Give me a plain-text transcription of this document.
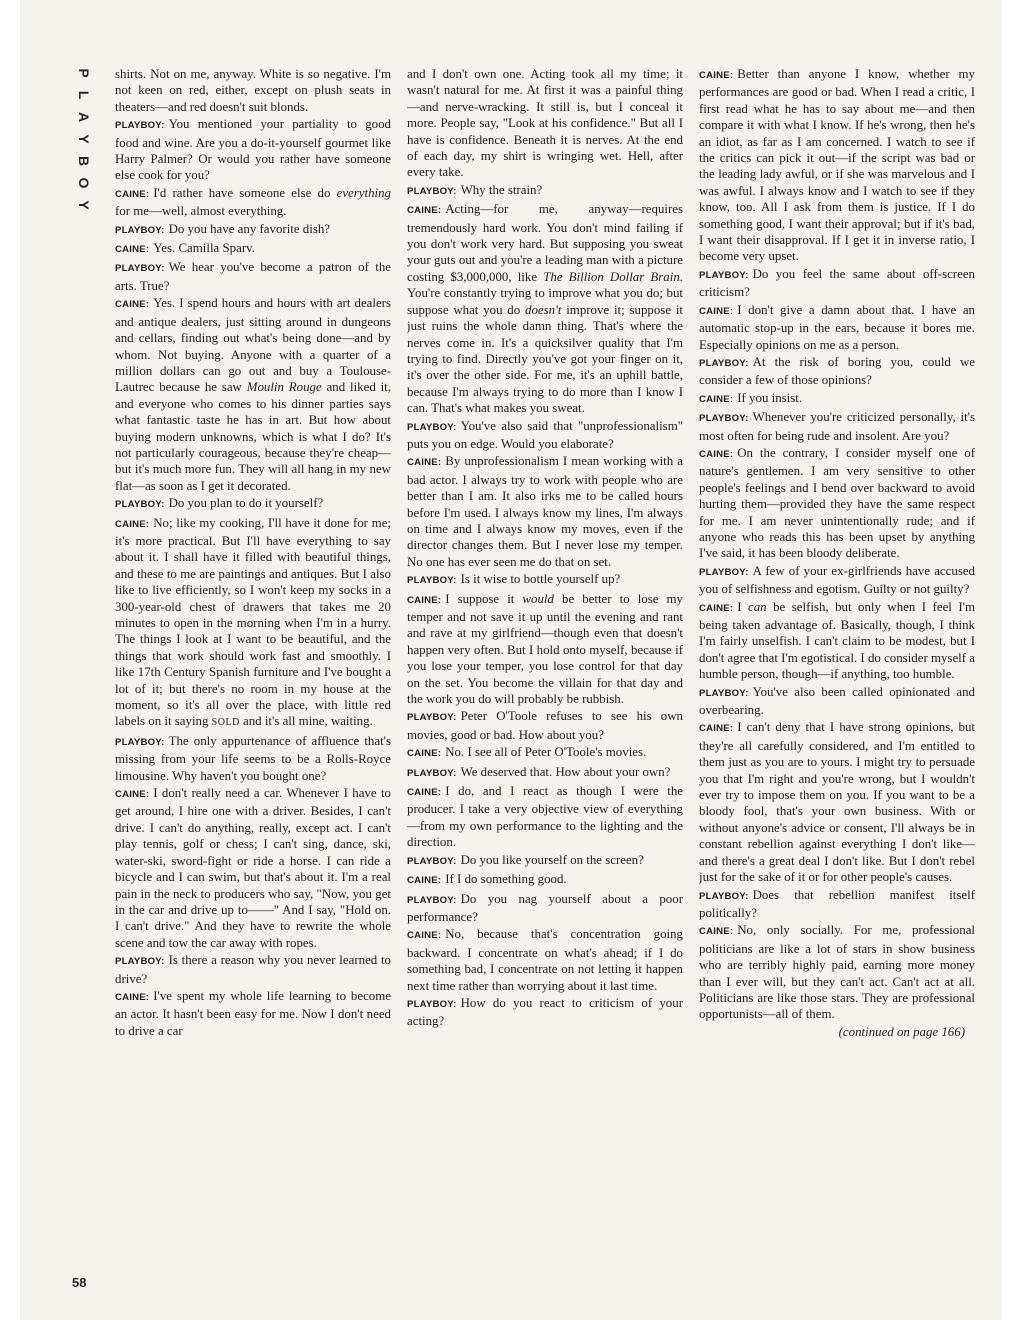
P
L
A
Y
B
O
Y

shirts. Not on me, anyway. White is so negative. I'm not keen on red, either, except on plush seats in theaters—and red doesn't suit blonds.

PLAYBOY: You mentioned your partiality to good food and wine. Are you a do-it-yourself gourmet like Harry Palmer? Or would you rather have someone else cook for you?

CAINE: I'd rather have someone else do everything for me—well, almost everything.

PLAYBOY: Do you have any favorite dish?

CAINE: Yes. Camilla Sparv.

PLAYBOY: We hear you've become a patron of the arts. True?

CAINE: Yes. I spend hours and hours with art dealers and antique dealers, just sitting around in dungeons and cellars, finding out what's being done—and by whom. Not buying. Anyone with a quarter of a million dollars can go out and buy a Toulouse-Lautrec because he saw Moulin Rouge and liked it, and everyone who comes to his dinner parties says what fantastic taste he has in art. But how about buying modern unknowns, which is what I do? It's not particularly courageous, because they're cheap—but it's much more fun. They will all hang in my new flat—as soon as I get it decorated.

PLAYBOY: Do you plan to do it yourself?

CAINE: No; like my cooking, I'll have it done for me; it's more practical. But I'll have everything to say about it. I shall have it filled with beautiful things, and these to me are paintings and antiques. But I also like to live efficiently, so I won't keep my socks in a 300-year-old chest of drawers that takes me 20 minutes to open in the morning when I'm in a hurry. The things I look at I want to be beautiful, and the things that work should work fast and smoothly. I like 17th Century Spanish furniture and I've bought a lot of it; but there's no room in my house at the moment, so it's all over the place, with little red labels on it saying SOLD and it's all mine, waiting.

PLAYBOY: The only appurtenance of affluence that's missing from your life seems to be a Rolls-Royce limousine. Why haven't you bought one?

CAINE: I don't really need a car. Whenever I have to get around, I hire one with a driver. Besides, I can't drive. I can't do anything, really, except act. I can't play tennis, golf or chess; I can't sing, dance, ski, water-ski, sword-fight or ride a horse. I can ride a bicycle and I can swim, but that's about it. I'm a real pain in the neck to producers who say, "Now, you get in the car and drive up to——" And I say, "Hold on. I can't drive." And they have to rewrite the whole scene and tow the car away with ropes.

PLAYBOY: Is there a reason why you never learned to drive?

CAINE: I've spent my whole life learning to become an actor. It hasn't been easy for me. Now I don't need to drive a car

and I don't own one. Acting took all my time; it wasn't natural for me. At first it was a painful thing—and nerve-wracking. It still is, but I conceal it more. People say, "Look at his confidence." But all I have is confidence. Beneath it is nerves. At the end of each day, my shirt is wringing wet. Hell, after every take.

PLAYBOY: Why the strain?

CAINE: Acting—for me, anyway—requires tremendously hard work. You don't mind failing if you don't work very hard. But supposing you sweat your guts out and you're a leading man with a picture costing $3,000,000, like The Billion Dollar Brain. You're constantly trying to improve what you do; but suppose what you do doesn't improve it; suppose it just ruins the whole damn thing. That's where the nerves come in. It's a quicksilver quality that I'm trying to find. Directly you've got your finger on it, it's over the other side. For me, it's an uphill battle, because I'm always trying to do more than I know I can. That's what makes you sweat.

PLAYBOY: You've also said that "unprofessionalism" puts you on edge. Would you elaborate?

CAINE: By unprofessionalism I mean working with a bad actor. I always try to work with people who are better than I am. It also irks me to be called hours before I'm used. I always know my lines, I'm always on time and I always know my moves, even if the director changes them. But I never lose my temper. No one has ever seen me do that on set.

PLAYBOY: Is it wise to bottle yourself up?

CAINE: I suppose it would be better to lose my temper and not save it up until the evening and rant and rave at my girlfriend—though even that doesn't happen very often. But I hold onto myself, because if you lose your temper, you lose control for that day on the set. You become the villain for that day and the work you do will probably be rubbish.

PLAYBOY: Peter O'Toole refuses to see his own movies, good or bad. How about you?

CAINE: No. I see all of Peter O'Toole's movies.

PLAYBOY: We deserved that. How about your own?

CAINE: I do, and I react as though I were the producer. I take a very objective view of everything—from my own performance to the lighting and the direction.

PLAYBOY: Do you like yourself on the screen?

CAINE: If I do something good.

PLAYBOY: Do you nag yourself about a poor performance?

CAINE: No, because that's concentration going backward. I concentrate on what's ahead; if I do something bad, I concentrate on not letting it happen next time rather than worrying about it last time.

PLAYBOY: How do you react to criticism of your acting?

CAINE: Better than anyone I know, whether my performances are good or bad. When I read a critic, I first read what he has to say about me—and then compare it with what I know. If he's wrong, then he's an idiot, as far as I am concerned. I watch to see if the critics can pick it out—if the script was bad or the leading lady awful, or if she was marvelous and I was awful. I always know and I watch to see if they know, too. All I ask from them is justice. If I do something good, I want their approval; but if it's bad, I want their disapproval. If I get it in inverse ratio, I become very upset.

PLAYBOY: Do you feel the same about off-screen criticism?

CAINE: I don't give a damn about that. I have an automatic stop-up in the ears, because it bores me. Especially opinions on me as a person.

PLAYBOY: At the risk of boring you, could we consider a few of those opinions?

CAINE: If you insist.

PLAYBOY: Whenever you're criticized personally, it's most often for being rude and insolent. Are you?

CAINE: On the contrary, I consider myself one of nature's gentlemen. I am very sensitive to other people's feelings and I bend over backward to avoid hurting them—provided they have the same respect for me. I am never unintentionally rude; and if anyone who reads this has been upset by anything I've said, it has been bloody deliberate.

PLAYBOY: A few of your ex-girlfriends have accused you of selfishness and egotism. Guilty or not guilty?

CAINE: I can be selfish, but only when I feel I'm being taken advantage of. Basically, though, I think I'm fairly unselfish. I can't claim to be modest, but I don't agree that I'm egotistical. I do consider myself a humble person, though—if anything, too humble.

PLAYBOY: You've also been called opinionated and overbearing.

CAINE: I can't deny that I have strong opinions, but they're all carefully considered, and I'm entitled to them just as you are to yours. I might try to persuade you that I'm right and you're wrong, but I wouldn't ever try to impose them on you. If you want to be a bloody fool, that's your own business. With or without anyone's advice or consent, I'll always be in constant rebellion against everything I don't like—and there's a great deal I don't like. But I don't rebel just for the sake of it or for other people's causes.

PLAYBOY: Does that rebellion manifest itself politically?

CAINE: No, only socially. For me, professional politicians are like a lot of stars in show business who are terribly highly paid, earning more money than I ever will, but they can't act. Can't act at all. Politicians are like those stars. They are professional opportunists—all of them.

(continued on page 166)

58
